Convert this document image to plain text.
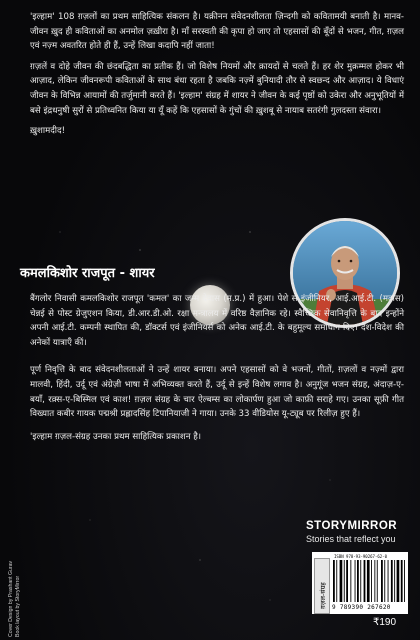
'इल्हाम' 108 ग़ज़लों का प्रथम साहित्यिक संकलन है। यक़ीनन संवेदनशीलता ज़िन्दगी को कवितामयी बनाती है। मानव-जीवन ख़ुद ही कविताओं का अनमोल ज़ख़ीरा है। माँ सरस्वती की कृपा हो जाए तो एहसासों की बूँदों से भजन, गीत, ग़ज़ल एवं नज़्म अवतरित होते ही हैं, उन्हें लिखा कदापि नहीं जाता!

ग़ज़लें व दोहे जीवन की छंदबद्धिता का प्रतीक हैं। जो विशेष नियमों और क़ायदों से चलते हैं। हर शेर मुक़म्मल होकर भी आज़ाद, लेकिन जीवनरूपी कविताओं के साथ बंधा रहता है जबकि नज़्में बुनियादी तौर से स्वछन्द और आज़ाद। ये विधाएं जीवन के विभिन्न आयामों की तर्जुमानी करते हैं। 'इल्हाम' संग्रह में शायर ने जीवन के कई पृष्ठों को उकेरा और अनुभूतियों में बसे इंद्रधनुषी सुरों से प्रतिध्वनित किया या यूँ कहें कि एहसासों के गुंचों की ख़ुशबू से नायाब सतरंगी गुलदस्ता संवारा।

ख़ुशामदीद!

कमलकिशोर राजपूत - शायर

बैंगलोर निवासी कमलकिशोर राजपूत 'कमल' का जन्म देवास (म.प्र.) में हुआ। पेशे से इंजीनियर, आई.आई.टी. (मद्रास) चेन्नई से पोस्ट ग्रेजुएशन किया, डी.आर.डी.ओ. रक्षा मन्त्रालय में वरिष्ठ वैज्ञानिक रहे। स्वैच्छिक सेवानिवृत्ति के बाद इन्होंने अपनी आई.टी. कम्पनी स्थापित की, डॉक्टर्स एवं इंजीनियर्स को अनेक आई.टी. के बहुमूल्य समाधान दिए। देश-विदेश की अनेकों यात्राएँ कीं।

पूर्ण निवृत्ति के बाद संवेदनशीलताओं ने उन्हें शायर बनाया। अपने एहसासों को वे भजनों, गीतों, ग़ज़लों व नज़्मों द्वारा मालवी, हिंदी, उर्दू एवं अंग्रेज़ी भाषा में अभिव्यक्त करते हैं, उर्दू से इन्हें विशेष लगाव है। अनुगूंज भजन संग्रह, अंदाज़-ए-बयाँ, रक़्स-ए-बिस्मिल एवं काश! ग़ज़ल संग्रह के चार ऐल्बम्स का लोकार्पण हुआ जो काफ़ी सराहे गए। उनका सूफ़ी गीत विख्यात कबीर गायक पद्मश्री प्रह्लादसिंह टिपानियाजी ने गाया। उनके 33 वीडियोस यू-ट्यूब पर रिलीज़ हुए हैं।

'इल्हाम ग़ज़ल-संग्रह उनका प्रथम साहित्यिक प्रकाशन है।

Cover Design by Prashant Gurav Book layout by StoryMirror
STORYMIRROR
Stories that reflect you
ग़ज़ल-संग्रह
ISBN 978-93-90267-62-0
9 789390 267620
₹190
